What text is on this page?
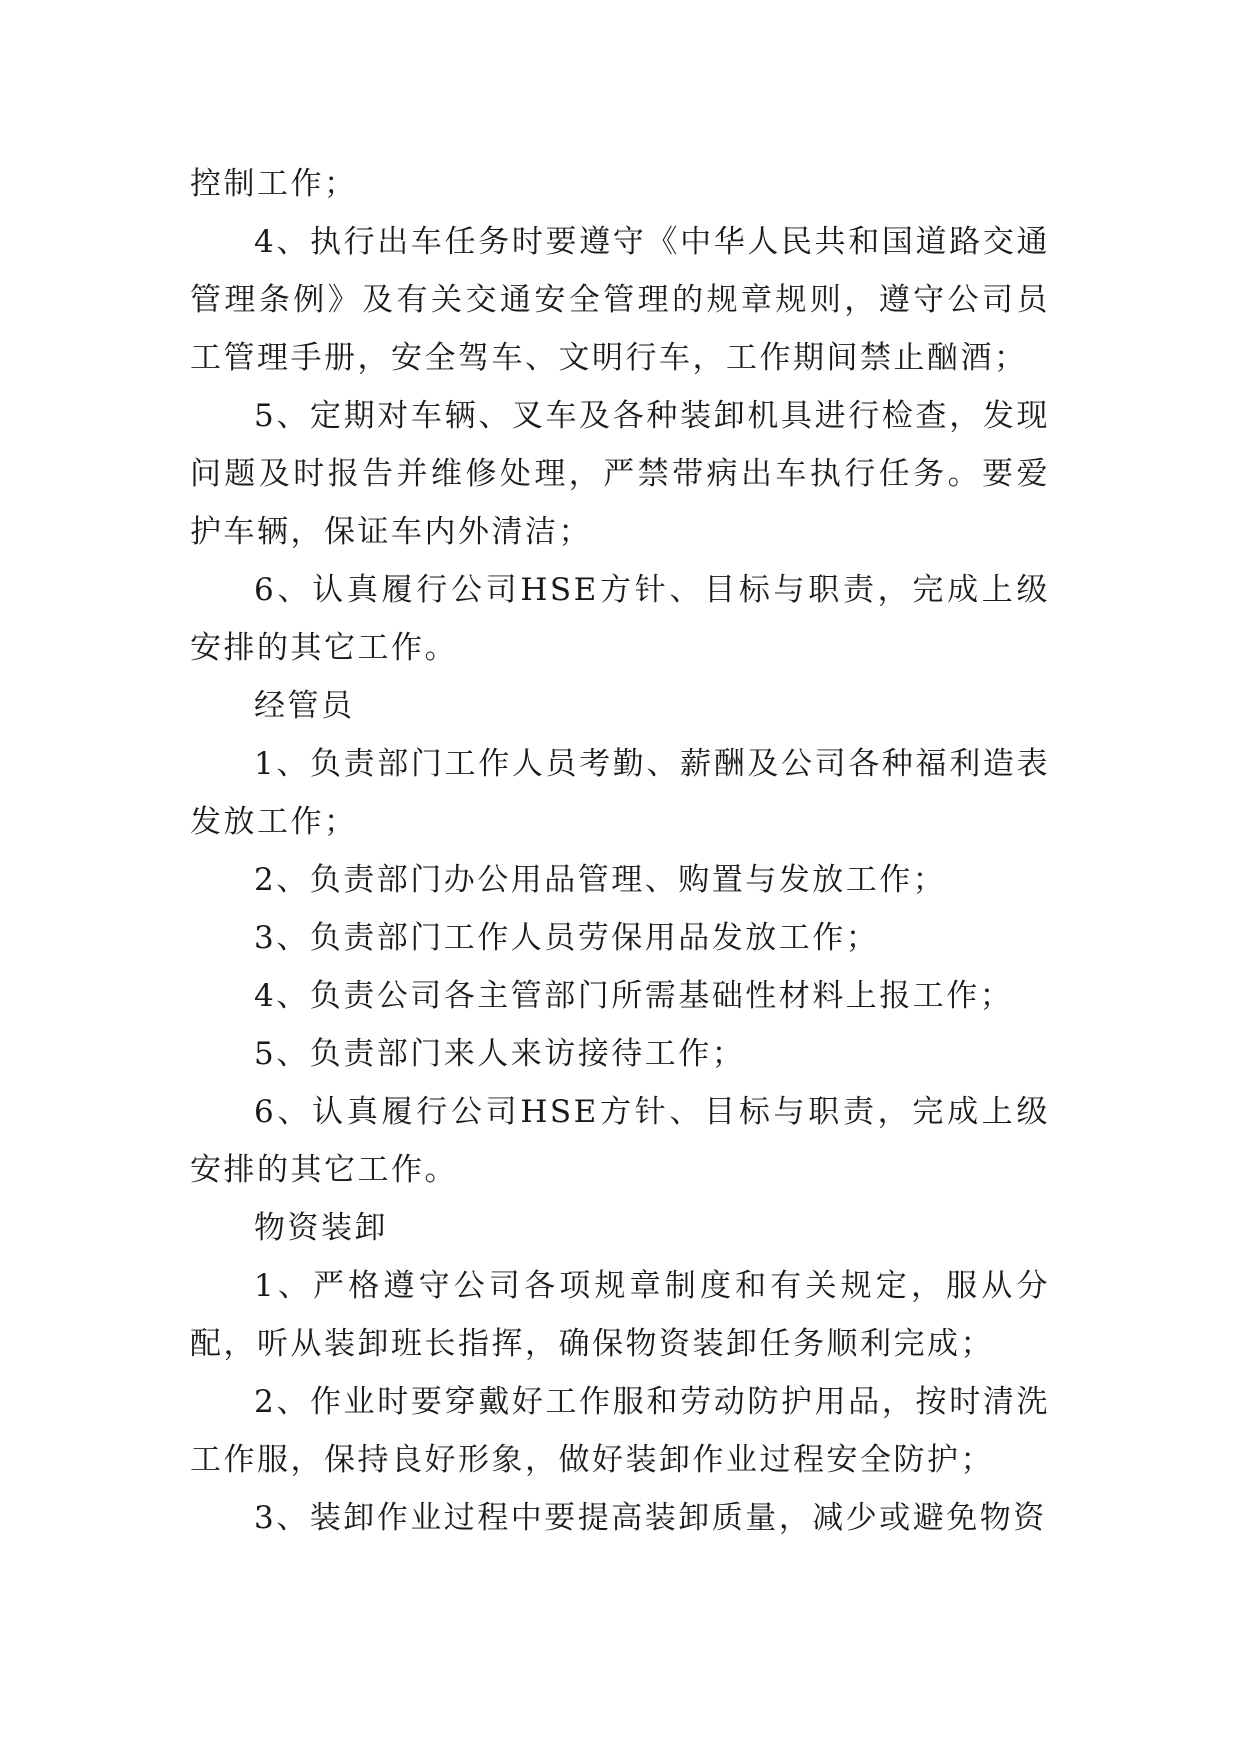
控制工作；

4、执行出车任务时要遵守《中华人民共和国道路交通管理条例》及有关交通安全管理的规章规则，遵守公司员工管理手册，安全驾车、文明行车，工作期间禁止酗酒；

5、定期对车辆、叉车及各种装卸机具进行检查，发现问题及时报告并维修处理，严禁带病出车执行任务。要爱护车辆，保证车内外清洁；

6、认真履行公司HSE方针、目标与职责，完成上级安排的其它工作。

经管员

1、负责部门工作人员考勤、薪酬及公司各种福利造表发放工作；

2、负责部门办公用品管理、购置与发放工作；

3、负责部门工作人员劳保用品发放工作；

4、负责公司各主管部门所需基础性材料上报工作；

5、负责部门来人来访接待工作；

6、认真履行公司HSE方针、目标与职责，完成上级安排的其它工作。

物资装卸

1、严格遵守公司各项规章制度和有关规定，服从分配，听从装卸班长指挥，确保物资装卸任务顺利完成；

2、作业时要穿戴好工作服和劳动防护用品，按时清洗工作服，保持良好形象，做好装卸作业过程安全防护；

3、装卸作业过程中要提高装卸质量，减少或避免物资
